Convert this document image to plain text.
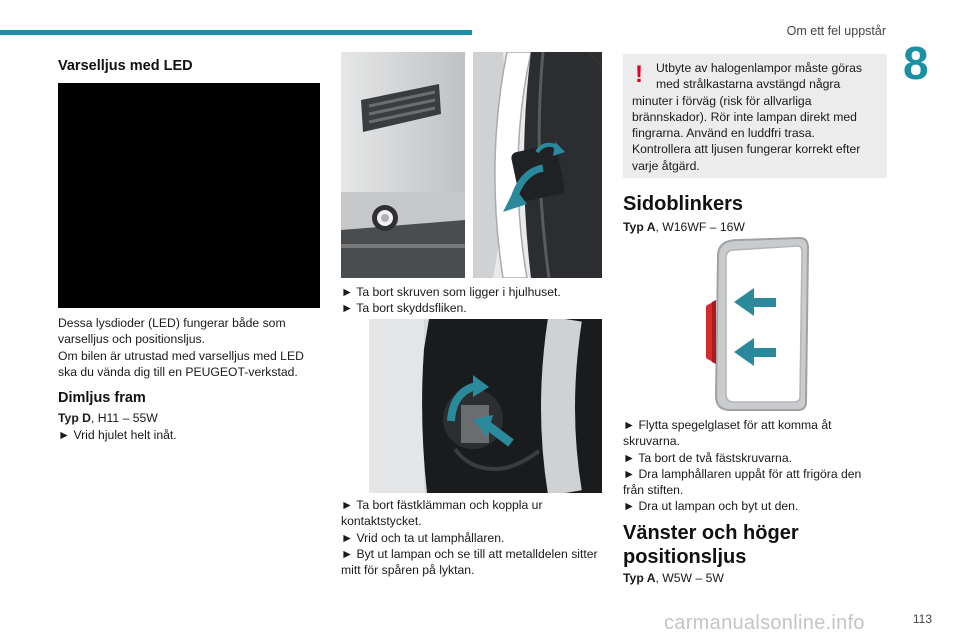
Om ett fel uppstår
8
carmanualsonline.info	113
Varselljus med LED
Dessa lysdioder (LED) fungerar både som
varselljus och positionsljus.
Om bilen är utrustad med varselljus med LED
ska du vända dig till en PEUGEOT-verkstad.
Dimljus fram
Typ D, H11 – 55W
► Vrid hjulet helt inåt.
► Ta bort skruven som ligger i hjulhuset.
► Ta bort skyddsfliken.
► Ta bort fästklämman och koppla ur
kontaktstycket.
► Vrid och ta ut lamphållaren.
► Byt ut lampan och se till att metalldelen sitter
mitt för spåren på lyktan.
!	Utbyte av halogenlampor måste göras
med strålkastarna avstängd några
minuter i förväg (risk för allvarliga
brännskador). Rör inte lampan direkt med
fingrarna. Använd en luddfri trasa.
Kontrollera att ljusen fungerar korrekt efter
varje åtgärd.
Sidoblinkers
Typ A, W16WF – 16W
► Flytta spegelglaset för att komma åt
skruvarna.
► Ta bort de två fästskruvarna.
► Dra lamphållaren uppåt för att frigöra den
från stiften.
► Dra ut lampan och byt ut den.
Vänster och höger
positionsljus
Typ A, W5W – 5W
